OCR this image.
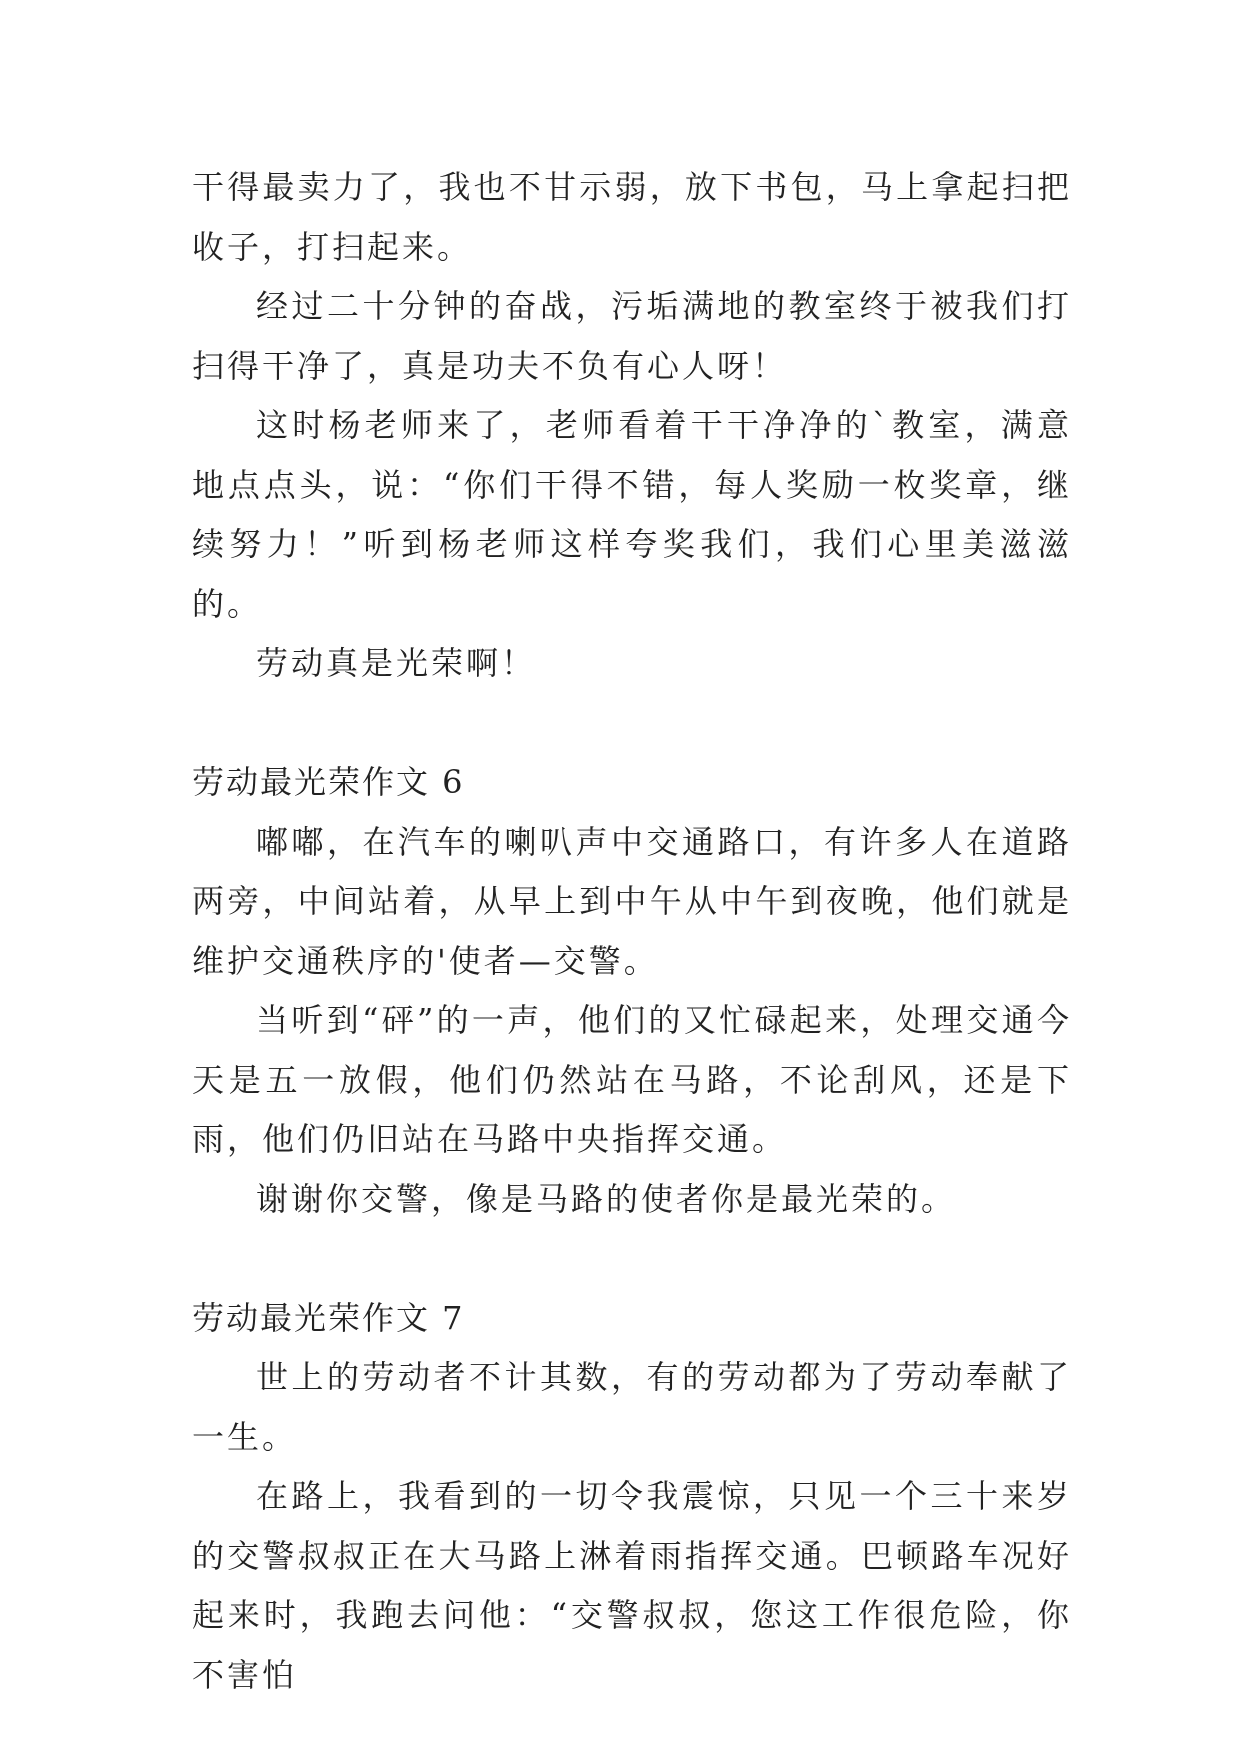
干得最卖力了，我也不甘示弱，放下书包，马上拿起扫把收子，打扫起来。

经过二十分钟的奋战，污垢满地的教室终于被我们打扫得干净了，真是功夫不负有心人呀！

这时杨老师来了，老师看着干干净净的`教室，满意地点点头，说：“你们干得不错，每人奖励一枚奖章，继续努力！”听到杨老师这样夸奖我们，我们心里美滋滋的。

劳动真是光荣啊！

劳动最光荣作文 6

嘟嘟，在汽车的喇叭声中交通路口，有许多人在道路两旁，中间站着，从早上到中午从中午到夜晚，他们就是维护交通秩序的'使者—交警。

当听到“砰”的一声，他们的又忙碌起来，处理交通今天是五一放假，他们仍然站在马路，不论刮风，还是下雨，他们仍旧站在马路中央指挥交通。

谢谢你交警，像是马路的使者你是最光荣的。

劳动最光荣作文 7

世上的劳动者不计其数，有的劳动都为了劳动奉献了一生。

在路上，我看到的一切令我震惊，只见一个三十来岁的交警叔叔正在大马路上淋着雨指挥交通。巴顿路车况好起来时，我跑去问他：“交警叔叔，您这工作很危险，你不害怕
